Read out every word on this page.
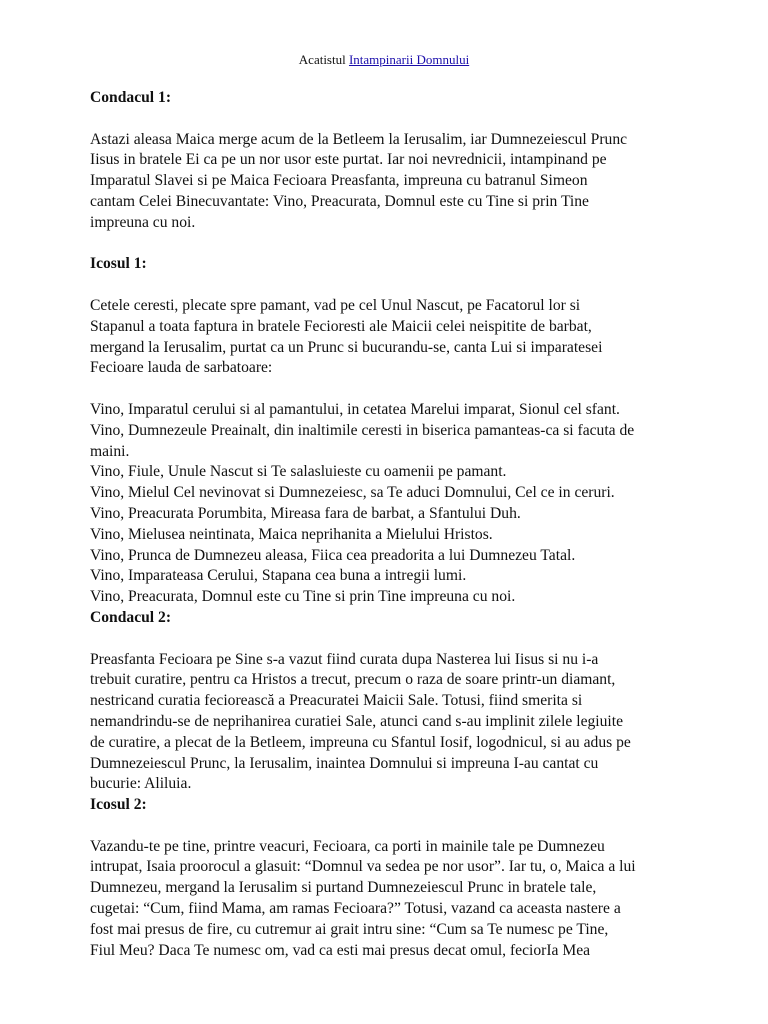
Acatistul Intampinarii Domnului

Condacul 1:

Astazi aleasa Maica merge acum de la Betleem la Ierusalim, iar Dumnezeiescul Prunc

Iisus in bratele Ei ca pe un nor usor este purtat. Iar noi nevrednicii, intampinand pe

Imparatul Slavei si pe Maica Fecioara Preasfanta, impreuna cu batranul Simeon

cantam Celei Binecuvantate: Vino, Preacurata, Domnul este cu Tine si prin Tine

impreuna cu noi.

Icosul 1:

Cetele ceresti, plecate spre pamant, vad pe cel Unul Nascut, pe Facatorul lor si

Stapanul a toata faptura in bratele Fecioresti ale Maicii celei neispitite de barbat,

mergand la Ierusalim, purtat ca un Prunc si bucurandu-se, canta Lui si imparatesei

Fecioare lauda de sarbatoare:

Vino, Imparatul cerului si al pamantului, in cetatea Marelui imparat, Sionul cel sfant.

Vino, Dumnezeule Preainalt, din inaltimile ceresti in biserica pamanteas-ca si facuta de

maini.

Vino, Fiule, Unule Nascut si Te salasluieste cu oamenii pe pamant.

Vino, Mielul Cel nevinovat si Dumnezeiesc, sa Te aduci Domnului, Cel ce in ceruri.

Vino, Preacurata Porumbita, Mireasa fara de barbat, a Sfantului Duh.

Vino, Mielusea neintinata, Maica neprihanita a Mielului Hristos.

Vino, Prunca de Dumnezeu aleasa, Fiica cea preadorita a lui Dumnezeu Tatal.

Vino, Imparateasa Cerului, Stapana cea buna a intregii lumi.

Vino, Preacurata, Domnul este cu Tine si prin Tine impreuna cu noi.

Condacul 2:

Preasfanta Fecioara pe Sine s-a vazut fiind curata dupa Nasterea lui Iisus si nu i-a

trebuit curatire, pentru ca Hristos a trecut, precum o raza de soare printr-un diamant,

nestricand curatia feciorească a Preacuratei Maicii Sale. Totusi, fiind smerita si

nemandrindu-se de neprihanirea curatiei Sale, atunci cand s-au implinit zilele legiuite

de curatire, a plecat de la Betleem, impreuna cu Sfantul Iosif, logodnicul, si au adus pe

Dumnezeiescul Prunc, la Ierusalim, inaintea Domnului si impreuna I-au cantat cu

bucurie: Aliluia.

Icosul 2:

Vazandu-te pe tine, printre veacuri, Fecioara, ca porti in mainile tale pe Dumnezeu

intrupat, Isaia proorocul a glasuit: “Domnul va sedea pe nor usor”. Iar tu, o, Maica a lui

Dumnezeu, mergand la Ierusalim si purtand Dumnezeiescul Prunc in bratele tale,

cugetai: “Cum, fiind Mama, am ramas Fecioara?” Totusi, vazand ca aceasta nastere a

fost mai presus de fire, cu cutremur ai grait intru sine: “Cum sa Te numesc pe Tine,

Fiul Meu? Daca Te numesc om, vad ca esti mai presus decat omul, feciorIa Mea
